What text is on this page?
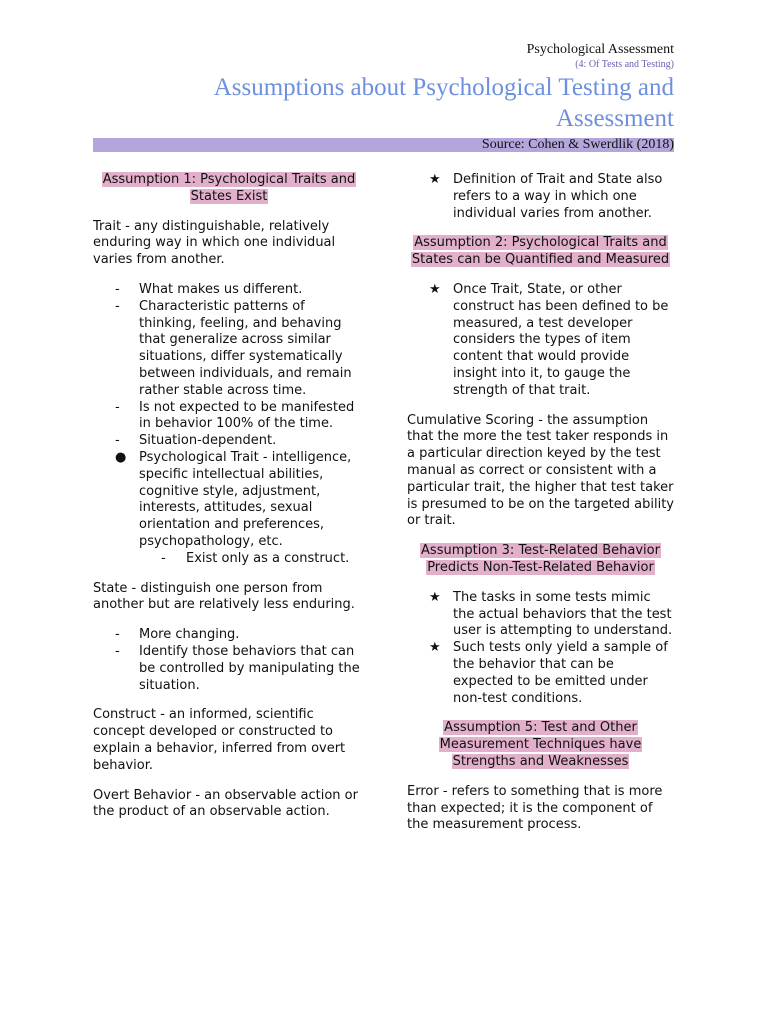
Psychological Assessment
(4: Of Tests and Testing)
Assumptions about Psychological Testing and Assessment
Source: Cohen & Swerdlik (2018)
Assumption 1: Psychological Traits and States Exist

Trait - any distinguishable, relatively enduring way in which one individual varies from another.

-	What makes us different.
-	Characteristic patterns of thinking, feeling, and behaving that generalize across similar situations, differ systematically between individuals, and remain rather stable across time.
-	Is not expected to be manifested in behavior 100% of the time.
-	Situation-dependent.
● Psychological Trait - intelligence, specific intellectual abilities, cognitive style, adjustment, interests, attitudes, sexual orientation and preferences, psychopathology, etc.
-	Exist only as a construct.

State - distinguish one person from another but are relatively less enduring.

-	More changing.
-	Identify those behaviors that can be controlled by manipulating the situation.

Construct - an informed, scientific concept developed or constructed to explain a behavior, inferred from overt behavior.

Overt Behavior - an observable action or the product of an observable action.

★ Definition of Trait and State also refers to a way in which one individual varies from another.
Assumption 2: Psychological Traits and States can be Quantified and Measured
★ Once Trait, State, or other construct has been defined to be measured, a test developer considers the types of item content that would provide insight into it, to gauge the strength of that trait.

Cumulative Scoring - the assumption that the more the test taker responds in a particular direction keyed by the test manual as correct or consistent with a particular trait, the higher that test taker is presumed to be on the targeted ability or trait.

Assumption 3: Test-Related Behavior Predicts Non-Test-Related Behavior
★ The tasks in some tests mimic the actual behaviors that the test user is attempting to understand.
★ Such tests only yield a sample of the behavior that can be expected to be emitted under non-test conditions.
Assumption 5: Test and Other Measurement Techniques have Strengths and Weaknesses

Error - refers to something that is more than expected; it is the component of the measurement process.
